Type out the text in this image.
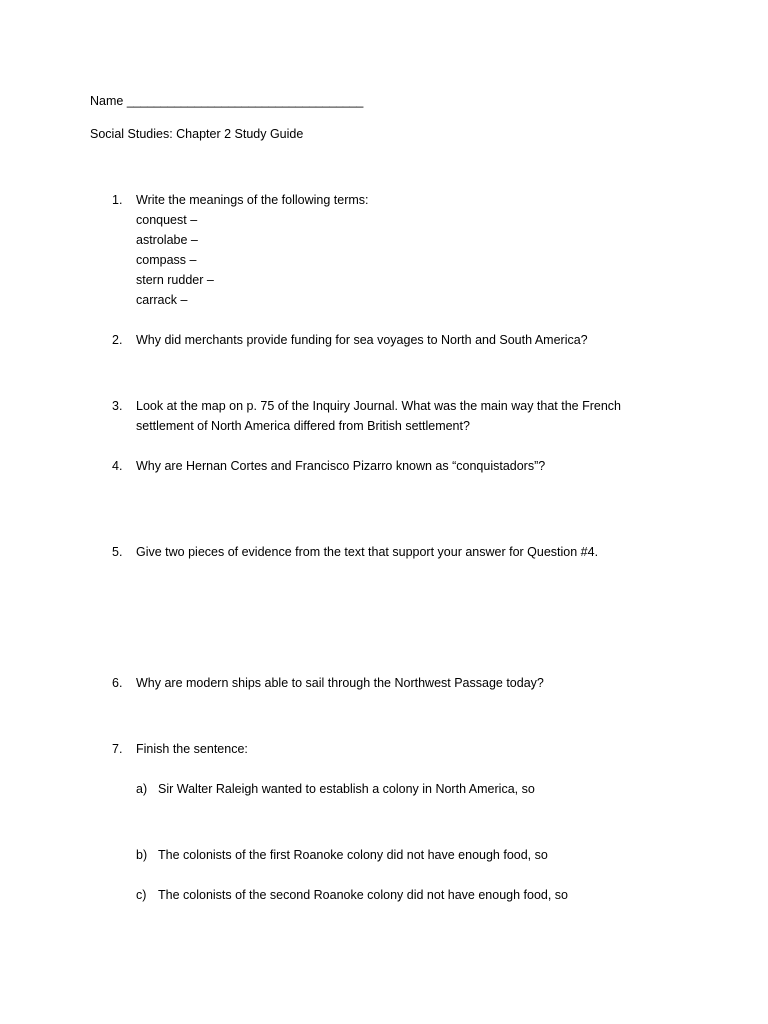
Name ___________________________________
Social Studies: Chapter 2 Study Guide
1.	Write the meanings of the following terms:
conquest –
astrolabe –
compass –
stern rudder –
carrack –
2.	Why did merchants provide funding for sea voyages to North and South America?
3.	Look at the map on p. 75 of the Inquiry Journal. What was the main way that the French
settlement of North America differed from British settlement?
4.	Why are Hernan Cortes and Francisco Pizarro known as “conquistadors”?
5.	Give two pieces of evidence from the text that support your answer for Question #4.
6.	Why are modern ships able to sail through the Northwest Passage today?
7.	Finish the sentence:
a) Sir Walter Raleigh wanted to establish a colony in North America, so
b) The colonists of the first Roanoke colony did not have enough food, so
c) The colonists of the second Roanoke colony did not have enough food, so
